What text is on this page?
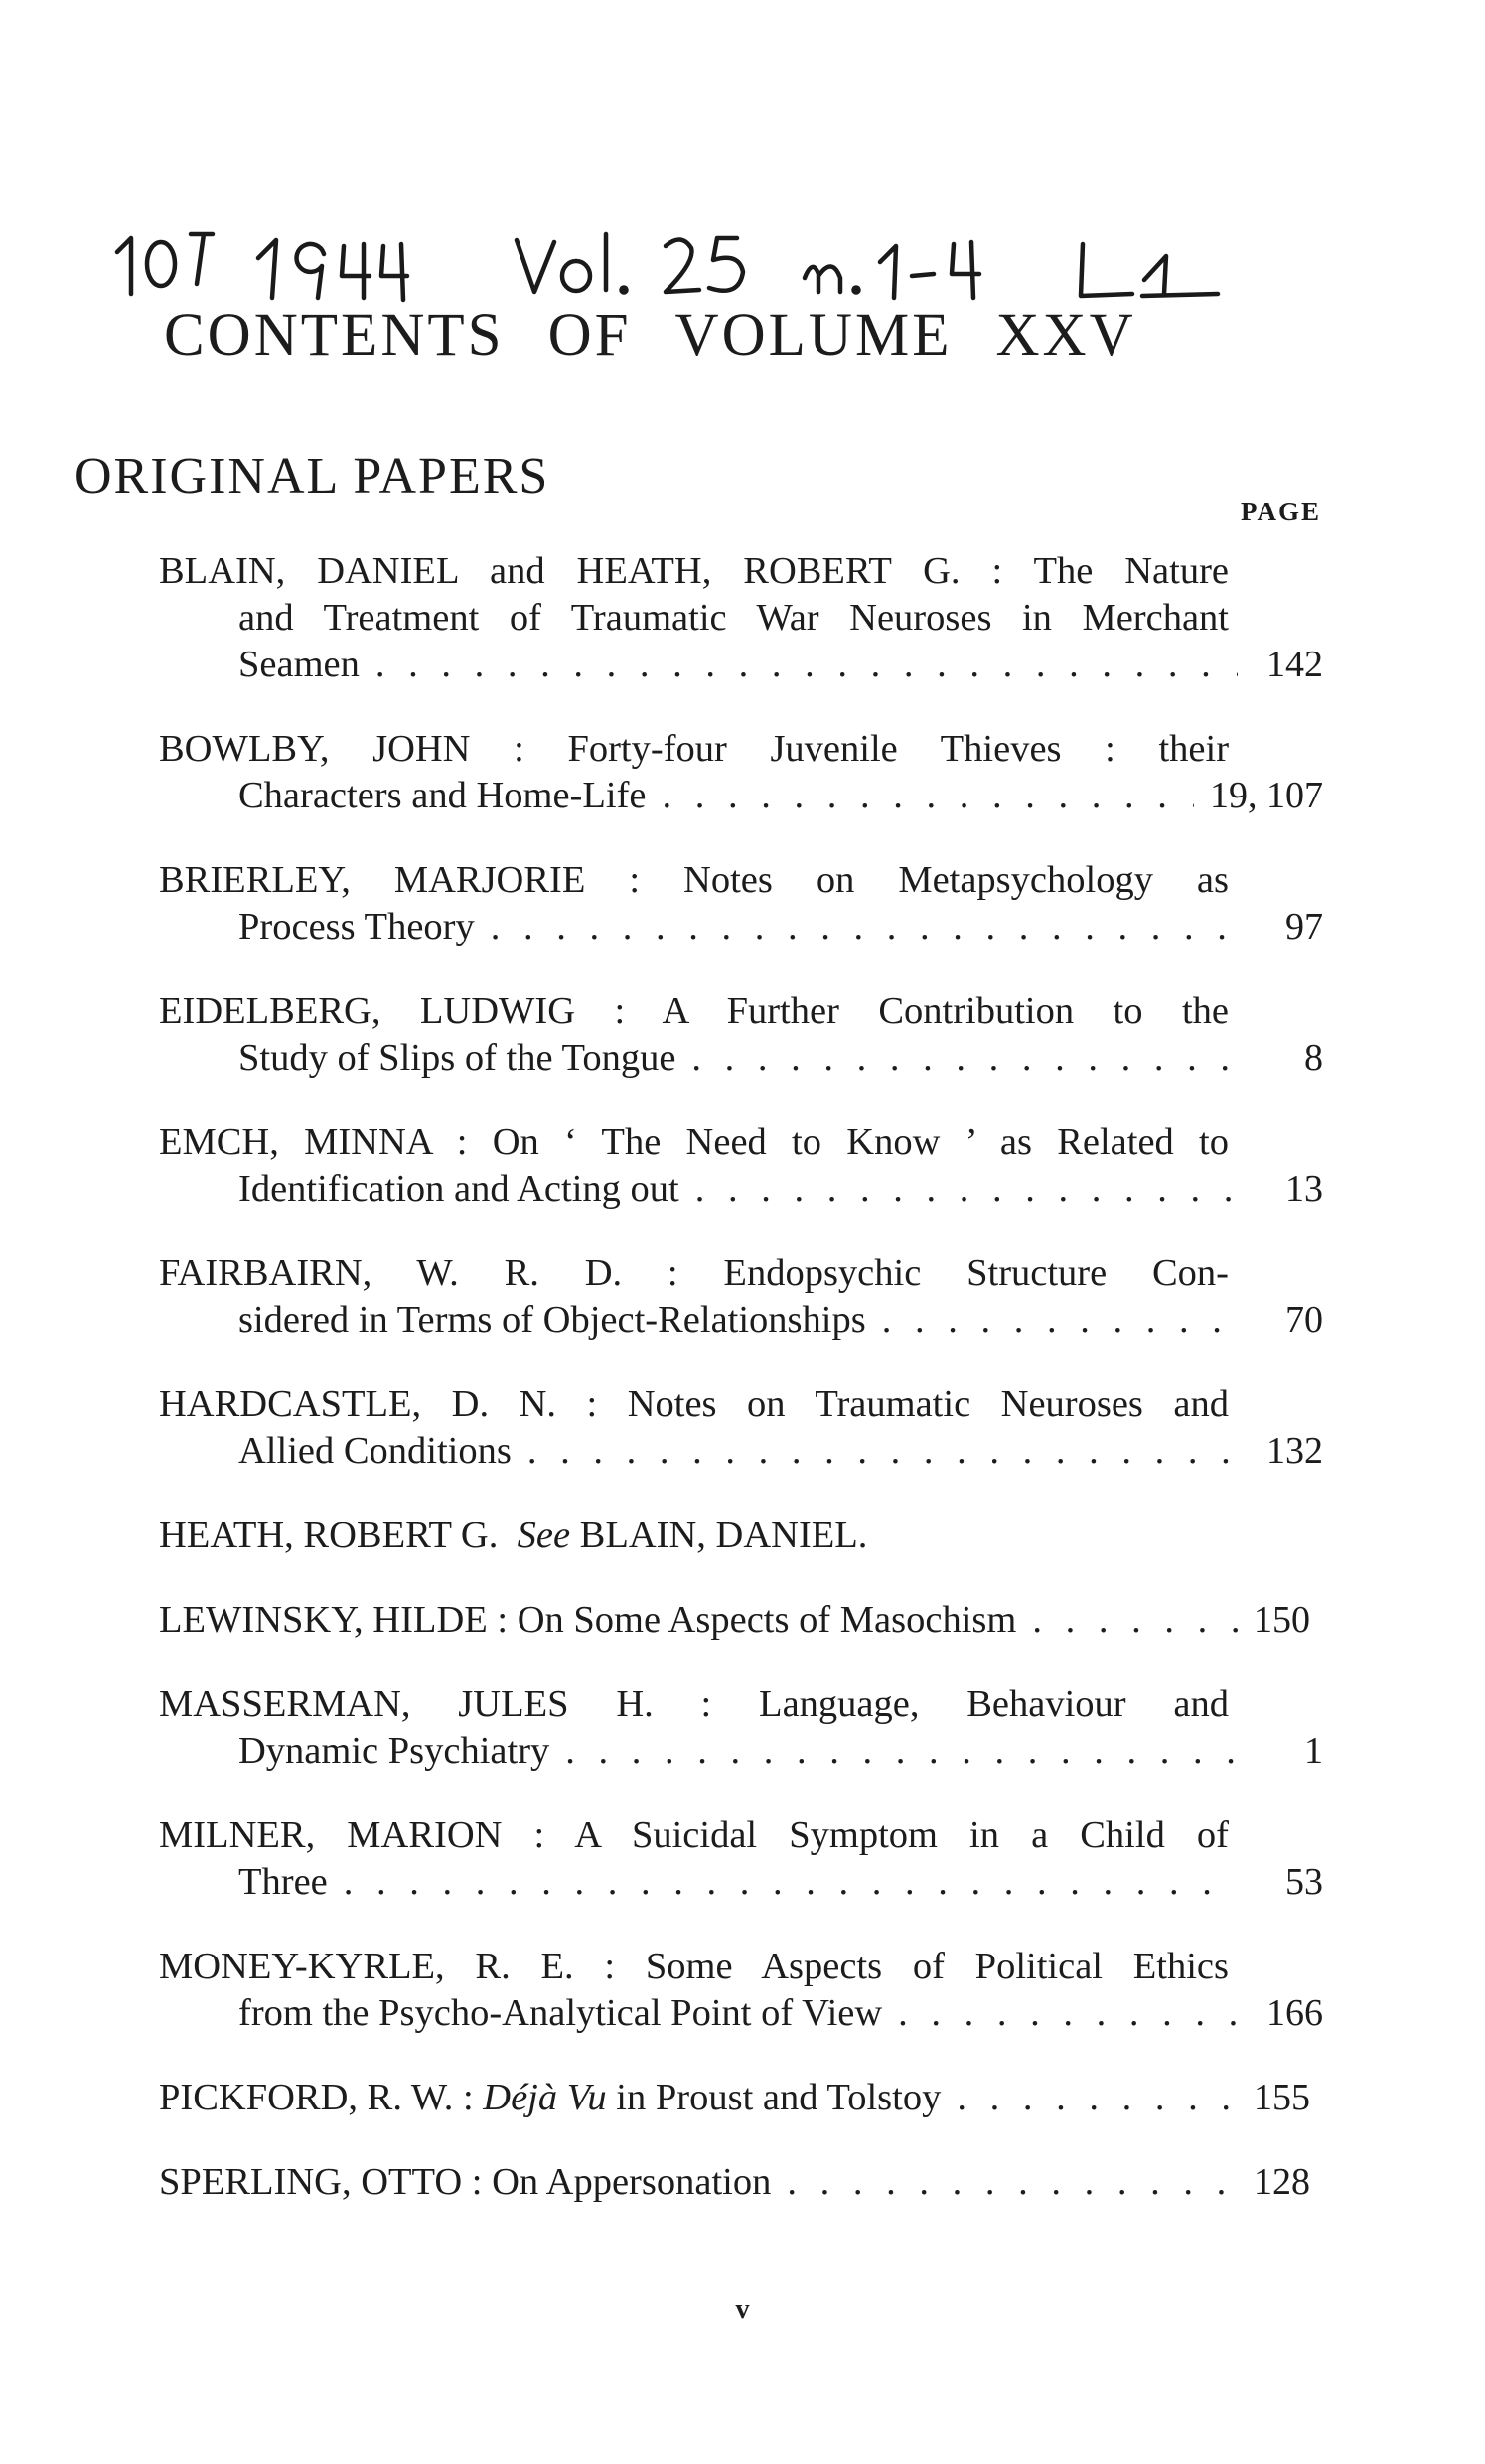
CONTENTS OF VOLUME XXV
ORIGINAL PAPERS
PAGE
BLAIN, DANIEL and HEATH, ROBERT G. : The Nature
and Treatment of Traumatic War Neuroses in Merchant
Seamen . . .	142
BOWLBY, JOHN : Forty-four Juvenile Thieves : their
Characters and Home-Life . . .	19, 107
BRIERLEY, MARJORIE : Notes on Metapsychology as
Process Theory . . .	97
EIDELBERG, LUDWIG : A Further Contribution to the
Study of Slips of the Tongue . . .	8
EMCH, MINNA : On ‘ The Need to Know ’ as Related to
Identification and Acting out . . .	13
FAIRBAIRN, W. R. D. : Endopsychic Structure Con-
sidered in Terms of Object-Relationships . . .	70
HARDCASTLE, D. N. : Notes on Traumatic Neuroses and
Allied Conditions . . .	132
HEATH, ROBERT G.
See
BLAIN, DANIEL.
LEWINSKY, HILDE :
On Some Aspects of Masochism . . .	150
MASSERMAN, JULES H. : Language, Behaviour and
Dynamic Psychiatry . . .	1
MILNER, MARION : A Suicidal Symptom in a Child of
Three . . .	53
MONEY-KYRLE, R. E. : Some Aspects of Political Ethics
from the Psycho-Analytical Point of View . . .	166
PICKFORD, R. W. :
Déjà Vu
in Proust and Tolstoy . . .	155
SPERLING, OTTO :
On Appersonation . . .	128
v
